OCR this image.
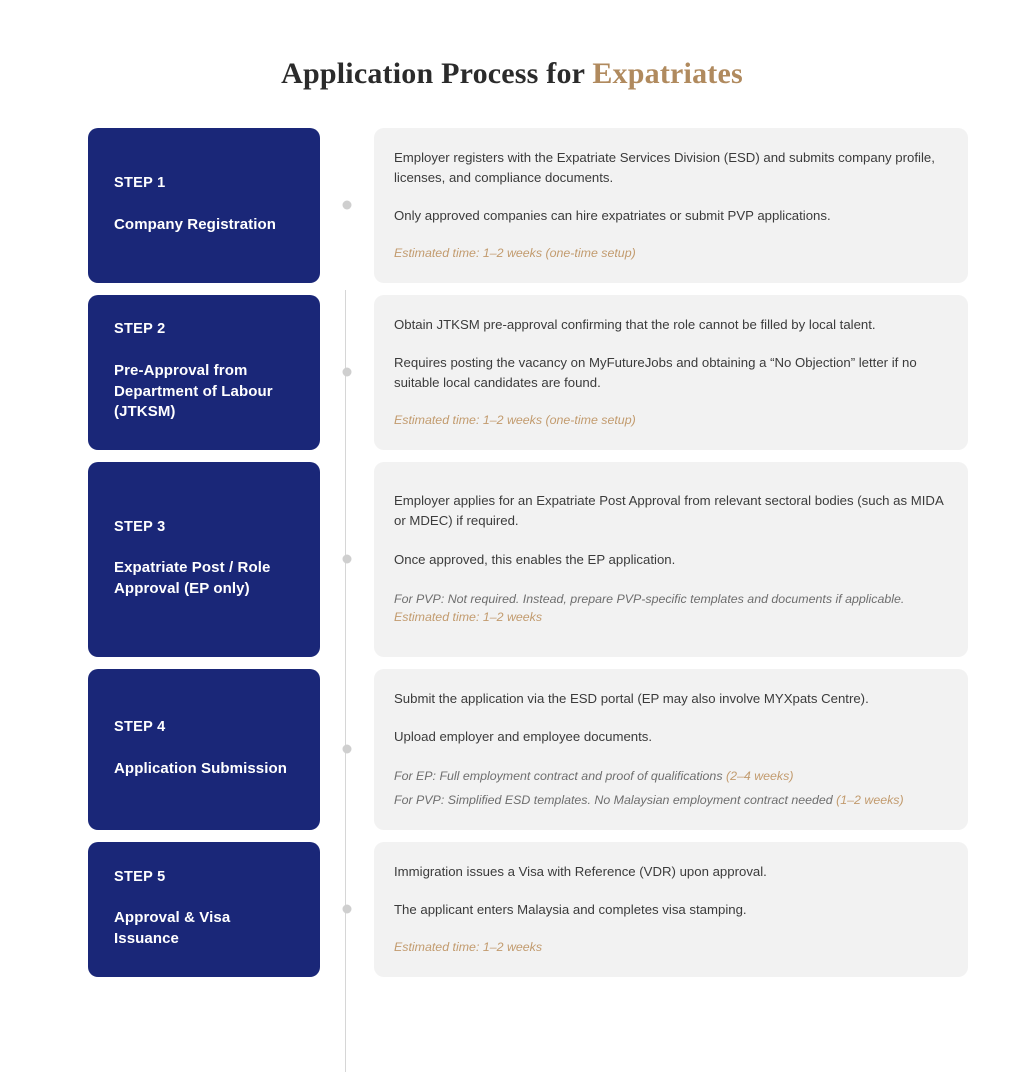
Application Process for Expatriates
STEP 1
Company Registration

Employer registers with the Expatriate Services Division (ESD) and submits company profile, licenses, and compliance documents.

Only approved companies can hire expatriates or submit PVP applications.

Estimated time: 1–2 weeks (one-time setup)

STEP 2
Pre-Approval from Department of Labour (JTKSM)

Obtain JTKSM pre-approval confirming that the role cannot be filled by local talent.

Requires posting the vacancy on MyFutureJobs and obtaining a “No Objection” letter if no suitable local candidates are found.

Estimated time: 1–2 weeks (one-time setup)

STEP 3
Expatriate Post / Role Approval (EP only)

Employer applies for an Expatriate Post Approval from relevant sectoral bodies (such as MIDA or MDEC) if required.

Once approved, this enables the EP application.

For PVP: Not required. Instead, prepare PVP-specific templates and documents if applicable.

Estimated time: 1–2 weeks

STEP 4
Application Submission

Submit the application via the ESD portal (EP may also involve MYXpats Centre).

Upload employer and employee documents.

For EP: Full employment contract and proof of qualifications (2–4 weeks)

For PVP: Simplified ESD templates. No Malaysian employment contract needed (1–2 weeks)

STEP 5
Approval & Visa Issuance

Immigration issues a Visa with Reference (VDR) upon approval.

The applicant enters Malaysia and completes visa stamping.

Estimated time: 1–2 weeks
